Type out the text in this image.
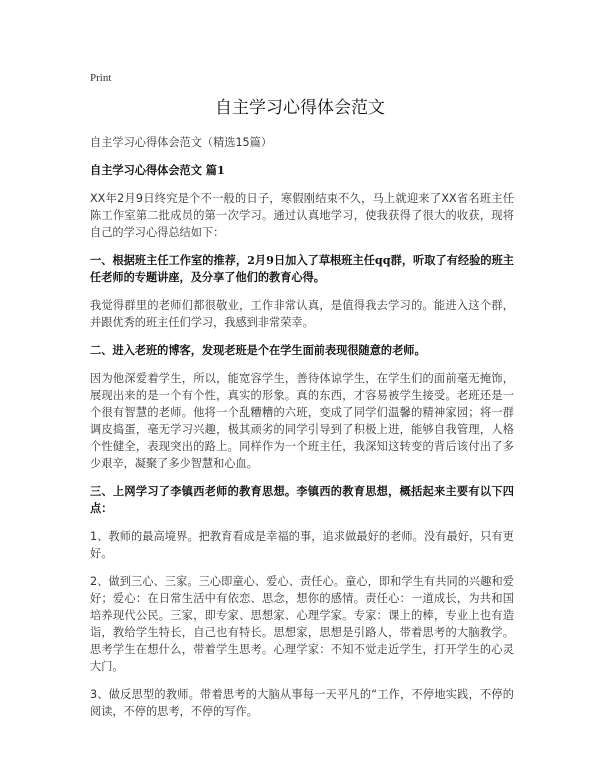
Print
自主学习心得体会范文

自主学习心得体会范文（精选15篇）

自主学习心得体会范文 篇1

XX年2月9日终究是个不一般的日子，寒假刚结束不久，马上就迎来了XX省名班主任陈工作室第二批成员的第一次学习。通过认真地学习，使我获得了很大的收获，现将自己的学习心得总结如下：

一、根据班主任工作室的推荐，2月9日加入了草根班主任qq群，听取了有经验的班主任老师的专题讲座，及分享了他们的教育心得。

我觉得群里的老师们都很敬业，工作非常认真，是值得我去学习的。能进入这个群，并跟优秀的班主任们学习，我感到非常荣幸。

二、进入老班的博客，发现老班是个在学生面前表现很随意的老师。

因为他深爱着学生，所以，能宽容学生，善待体谅学生，在学生们的面前毫无掩饰，展现出来的是一个有个性，真实的形象。真的东西，才容易被学生接受。老班还是一个很有智慧的老师。他将一个乱糟糟的六班，变成了同学们温馨的精神家园；将一群调皮捣蛋，毫无学习兴趣，极其顽劣的同学引导到了积极上进，能够自我管理，人格个性健全，表现突出的路上。同样作为一个班主任，我深知这转变的背后该付出了多少艰辛，凝聚了多少智慧和心血。

三、上网学习了李镇西老师的教育思想。李镇西的教育思想，概括起来主要有以下四点：

1、教师的最高境界。把教育看成是幸福的事，追求做最好的老师。没有最好，只有更好。

2、做到三心、三家。三心即童心、爱心、责任心。童心，即和学生有共同的兴趣和爱好；爱心：在日常生活中有依恋、思念，想你的感情。责任心：一道成长，为共和国培养现代公民。三家，即专家、思想家、心理学家。专家：课上的棒，专业上也有造诣，教给学生特长，自己也有特长。思想家，思想是引路人，带着思考的大脑教学。思考学生在想什么，带着学生思考。心理学家：不知不觉走近学生，打开学生的心灵大门。

3、做反思型的教师。带着思考的大脑从事每一天平凡的“工作，不停地实践，不停的阅读，不停的思考，不停的写作。
